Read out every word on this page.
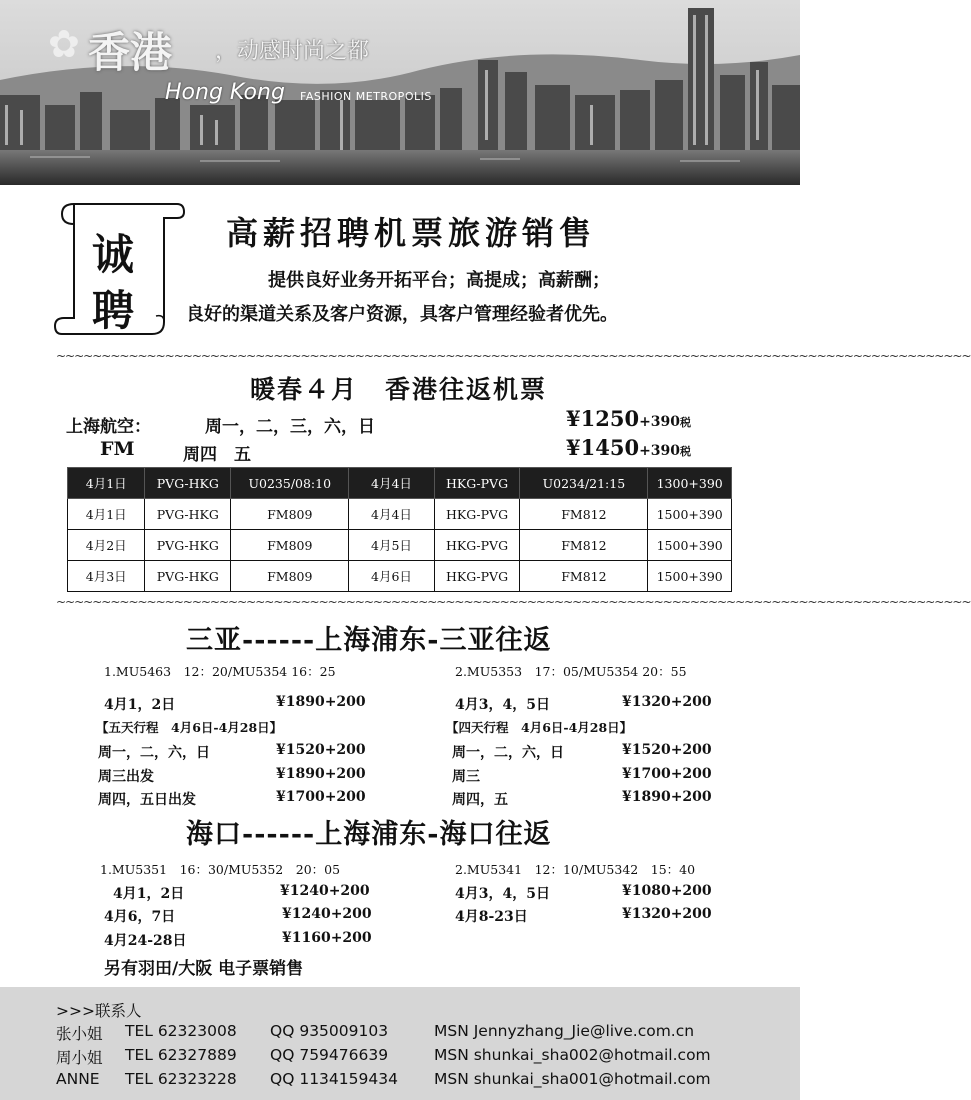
✿ 香港 ，动感时尚之都
Hong Kong FASHION METROPOLIS
诚
聘
高薪招聘机票旅游销售
提供良好业务开拓平台；高提成；高薪酬；
良好的渠道关系及客户资源，具客户管理经验者优先。
~~~~~~~~~~~~~~~~~~~~~~~~~~~~~~~~~~~~~~~~~~~~~~~~~~~~~~~~~~~~~~~~~~~~~~~~~~~~~~~~~~~~~~~~~~~~~~~~~~~~~
暖春４月　香港往返机票
上海航空：	周一，二，三，六，日	¥1250+390税
FM	周四　五	¥1450+390税
4月1日	PVG-HKG	U0235/08:10	4月4日	HKG-PVG	U0234/21:15	1300+390
4月1日	PVG-HKG	FM809	4月4日	HKG-PVG	FM812	1500+390
4月2日	PVG-HKG	FM809	4月5日	HKG-PVG	FM812	1500+390
4月3日	PVG-HKG	FM809	4月6日	HKG-PVG	FM812	1500+390
~~~~~~~~~~~~~~~~~~~~~~~~~~~~~~~~~~~~~~~~~~~~~~~~~~~~~~~~~~~~~~~~~~~~~~~~~~~~~~~~~~~~~~~~~~~~~~~~~~~~~
三亚------上海浦东-三亚往返
1.MU5463　12：20/MU5354 16：25	2.MU5353　17：05/MU5354 20：55
4月1，2日	¥1890+200	4月3，4，5日	¥1320+200
【五天行程　4月6日-4月28日】	【四天行程　4月6日-4月28日】
周一，二，六，日	¥1520+200
周三出发	¥1890+200
周四，五日出发	¥1700+200
周一，二，六，日	¥1520+200
周三	¥1700+200
周四，五	¥1890+200
海口------上海浦东-海口往返
1.MU5351　16：30/MU5352　20：05	2.MU5341　12：10/MU5342　15：40
4月1，2日	¥1240+200
4月6，7日	¥1240+200
4月24-28日	¥1160+200
4月3，4，5日	¥1080+200
4月8-23日	¥1320+200
另有羽田/大阪 电子票销售
>>>联系人
张小姐 TEL 62323008 QQ 935009103	MSN Jennyzhang_Jie@live.com.cn
周小姐 TEL 62327889 QQ 759476639	MSN shunkai_sha002@hotmail.com
ANNE TEL 62323228 QQ 1134159434 MSN shunkai_sha001@hotmail.com
